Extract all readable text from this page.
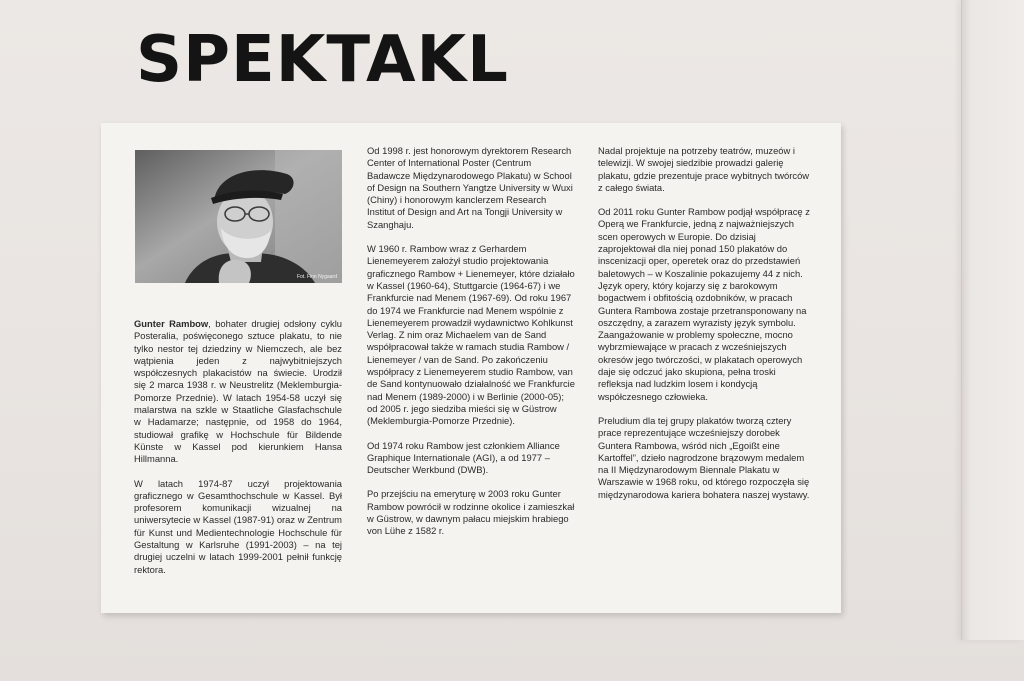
SPEKTAKL
Fot. Finn Nygaard

Gunter Rambow, bohater drugiej odsłony cyklu Posteralia, poświęconego sztuce plakatu, to nie tylko nestor tej dziedziny w Niemczech, ale bez wątpienia jeden z najwybitniejszych współczesnych plakacistów na świecie. Urodził się 2 marca 1938 r. w Neustrelitz (Meklemburgia-Pomorze Przednie). W latach 1954-58 uczył się malarstwa na szkle w Staatliche Glasfachschule w Hadamarze; następnie, od 1958 do 1964, studiował grafikę w Hochschule für Bildende Künste w Kassel pod kierunkiem Hansa Hillmanna.

W latach 1974-87 uczył projektowania graficznego w Gesamthochschule w Kassel. Był profesorem komunikacji wizualnej na uniwersytecie w Kassel (1987-91) oraz w Zentrum für Kunst und Medientechnologie Hochschule für Gestaltung w Karlsruhe (1991-2003) – na tej drugiej uczelni w latach 1999-2001 pełnił funkcję rektora.

Od 1998 r. jest honorowym dyrektorem Research Center of International Poster (Centrum Badawcze Międzynarodowego Plakatu) w School of Design na Southern Yangtze University w Wuxi (Chiny) i honorowym kanclerzem Research Institut of Design and Art na Tongji University w Szanghaju.

W 1960 r. Rambow wraz z Gerhardem Lienemeyerem założył studio projektowania graficznego Rambow + Lienemeyer, które działało w Kassel (1960-64), Stuttgarcie (1964-67) i we Frankfurcie nad Menem (1967-69). Od roku 1967 do 1974 we Frankfurcie nad Menem wspólnie z Lienemeyerem prowadził wydawnictwo Kohlkunst Verlag. Z nim oraz Michaelem van de Sand współpracował także w ramach studia Rambow / Lienemeyer / van de Sand. Po zakończeniu współpracy z Lienemeyerem studio Rambow, van de Sand kontynuowało działalność we Frankfurcie nad Menem (1989-2000) i w Berlinie (2000-05); od 2005 r. jego siedziba mieści się w Güstrow (Meklemburgia-Pomorze Przednie).

Od 1974 roku Rambow jest członkiem Alliance Graphique Internationale (AGI), a od 1977 – Deutscher Werkbund (DWB).

Po przejściu na emeryturę w 2003 roku Gunter Rambow powrócił w rodzinne okolice i zamieszkał w Güstrow, w dawnym pałacu miejskim hrabiego von Lühe z 1582 r.

Nadal projektuje na potrzeby teatrów, muzeów i telewizji. W swojej siedzibie prowadzi galerię plakatu, gdzie prezentuje prace wybitnych twórców z całego świata.

Od 2011 roku Gunter Rambow podjął współpracę z Operą we Frankfurcie, jedną z najważniejszych scen operowych w Europie. Do dzisiaj zaprojektował dla niej ponad 150 plakatów do inscenizacji oper, operetek oraz do przedstawień baletowych – w Koszalinie pokazujemy 44 z nich. Język opery, który kojarzy się z barokowym bogactwem i obfitością ozdobników, w pracach Guntera Rambowa zostaje przetransponowany na oszczędny, a zarazem wyrazisty język symbolu. Zaangażowanie w problemy społeczne, mocno wybrzmiewające w pracach z wcześniejszych okresów jego twórczości, w plakatach operowych daje się odczuć jako skupiona, pełna troski refleksja nad ludzkim losem i kondycją współczesnego człowieka.

Preludium dla tej grupy plakatów tworzą cztery prace reprezentujące wcześniejszy dorobek Guntera Rambowa, wśród nich „Egoißt eine Kartoffel”, dzieło nagrodzone brązowym medalem na II Międzynarodowym Biennale Plakatu w Warszawie w 1968 roku, od którego rozpoczęła się międzynarodowa kariera bohatera naszej wystawy.
